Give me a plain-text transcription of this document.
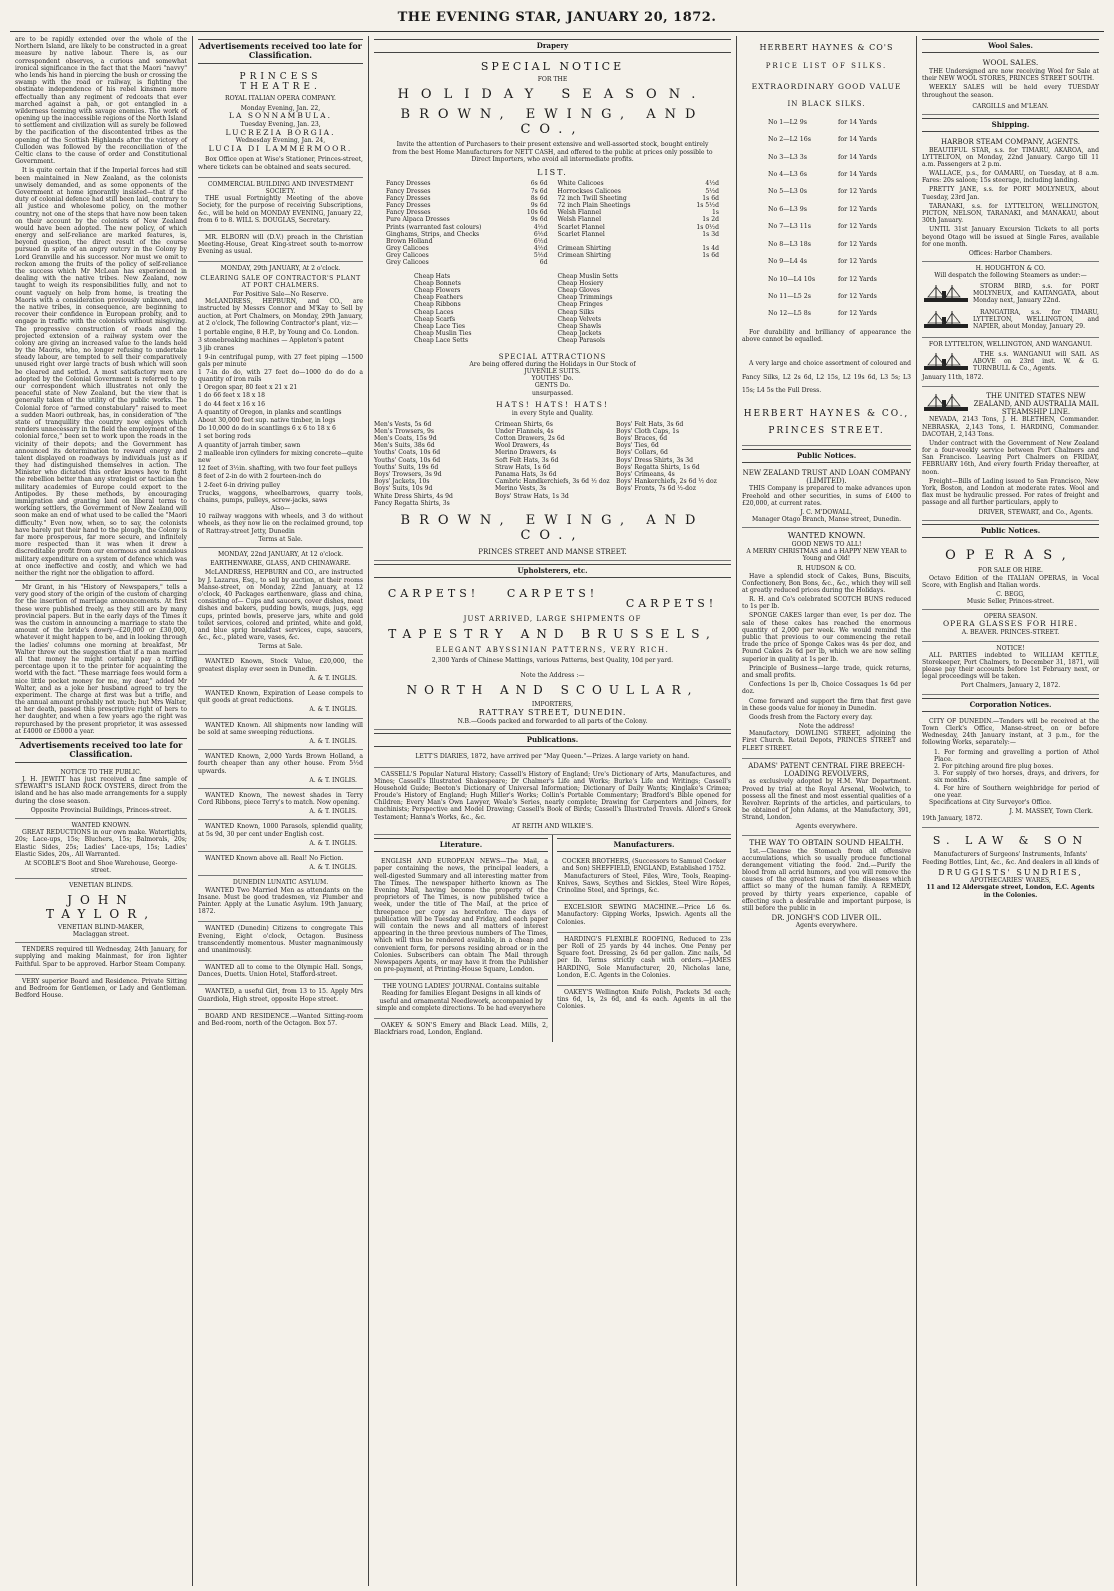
THE EVENING STAR, JANUARY 20, 1872.

are to be rapidly extended over the whole of the Northern Island, are likely to be constructed in a great measure by native labour. There is, as our correspondent observes, a curious and somewhat ironical significance in the fact that the Maori "navvy" who lends his hand in piercing the bush or crossing the swamp with the road or railway, is fighting the obstinate independence of his rebel kinsmen more effectually than any regiment of redcoats that ever marched against a pah, or got entangled in a wilderness teeming with savage enemies. The work of opening up the inaccessible regions of the North Island to settlement and civilization will as surely be followed by the pacification of the discontented tribes as the opening of the Scottish Highlands after the victory of Culloden was followed by the reconciliation of the Celtic clans to the cause of order and Constitutional Government.

It is quite certain that if the Imperial forces had still been maintained in New Zealand, as the colonists unwisely demanded, and as some opponents of the Government at home ignorantly insisted—that if the duty of colonial defence had still been laid, contrary to all justice and wholesome policy, on the mother country, not one of the steps that have now been taken on their account by the colonists of New Zealand would have been adopted. The new policy, of which energy and self-reliance are marked features, is, beyond question, the direct result of the course pursued in spite of an angry outcry in the Colony by Lord Granville and his successor. Nor must we omit to reckon among the fruits of the policy of self-reliance the success which Mr McLean has experienced in dealing with the native tribes. New Zealand, now taught to weigh its responsibilities fully, and not to count vaguely on help from home, is treating the Maoris with a consideration previously unknown, and the native tribes, in consequence, are beginning to recover their confidence in European probity, and to engage in traffic with the colonists without misgiving. The progressive construction of roads and the projected extension of a railway system over the colony are giving an increased value to the lands held by the Maoris, who, no longer refusing to undertake steady labour, are tempted to sell their comparatively unused right over large tracts of bush which will soon be cleared and settled. A most satisfactory men are adopted by the Colonial Government is referred to by our correspondent which illustrates not only the peaceful state of New Zealand, but the view that is generally taken of the utility of the public works. The Colonial force of "armed constabulary" raised to meet a sudden Maori outbreak, has, in consideration of "the state of tranquillity the country now enjoys which renders unnecessary in the field the employment of the colonial force," been set to work upon the roads in the vicinity of their depots; and the Government has announced its determination to reward energy and talent displayed on roadways by individuals just as if they had distinguished themselves in action. The Minister who dictated this order knows how to fight the rebellion better than any strategist or tactician the military academies of Europe could export to the Antipodes. By these methods, by encouraging immigration and granting land on liberal terms to working settlers, the Government of New Zealand will soon make an end of what used to be called the "Maori difficulty." Even now, when, so to say, the colonists have barely put their hand to the plough, the Colony is far more prosperous, far more secure, and infinitely more respected than it was when it drew a discreditable profit from our enormous and scandalous military expenditure on a system of defence which was at once ineffective and costly, and which we had neither the right nor the obligation to afford.

Mr Grant, in his "History of Newspapers," tells a very good story of the origin of the custom of charging for the insertion of marriage announcements. At first these were published freely, as they still are by many provincial papers. But in the early days of the Times it was the custom in announcing a marriage to state the amount of the bride's dowry—£20,000 or £30,000, whatever it might happen to be, and in looking through the ladies' columns one morning at breakfast, Mr Walter threw out the suggestion that if a man married all that money he might certainly pay a trifling percentage upon it to the printer for acquainting the world with the fact. "These marriage fees would form a nice little pocket money for me, my dear," added Mr Walter, and as a joke her husband agreed to try the experiment. The charge at first was but a trifle, and the annual amount probably not much; but Mrs Walter, at her death, passed this prescriptive right of hers to her daughter, and when a few years ago the right was repurchased by the present proprietor, it was assessed at £4000 or £5000 a year.

Advertisements received too late for Classification.
NOTICE TO THE PUBLIC.

J. H. JEWITT has just received a fine sample of STEWART'S ISLAND ROCK OYSTERS, direct from the island and he has also made arrangements for a supply during the close season.

Opposite Provincial Buildings, Princes-street.
WANTED KNOWN.

GREAT REDUCTIONS in our own make. Watertights, 20s; Lace-ups, 15s; Bluchers, 15s; Balmorals, 20s; Elastic Sides, 25s; Ladies' Lace-ups, 15s; Ladies' Elastic Sides, 20s,. All Warranted.

At SCOBLE'S Boot and Shoe Warehouse, George-street.
VENETIAN BLINDS.
JOHN TAYLOR,
VENETIAN BLIND-MAKER,
Maclaggan street.

TENDERS required till Wednesday, 24th January, for supplying and making Mainmast, for iron lighter Faithful. Spar to be approved. Harbor Steam Company.

VERY superior Board and Residence. Private Sitting and Bedroom for Gentlemen, or Lady and Gentleman. Bedford House.

Advertisements received too late for Classification.
PRINCESS THEATRE.
ROYAL ITALIAN OPERA COMPANY.
Monday Evening, Jan. 22,
LA SONNAMBULA.
Tuesday Evening, Jan. 23,
LUCREZIA BORGIA.
Wednesday Evening, Jan. 24,
LUCIA DI LAMMERMOOR.

Box Office open at Wise's Stationer, Princes-street, where tickets can be obtained and seats secured.

COMMERCIAL BUILDING AND INVESTMENT SOCIETY.

THE usual Fortnightly Meeting of the above Society, for the purpose of receiving Subscriptions, &c., will be held on MONDAY EVENING, January 22, from 6 to 8. WILL S. DOUGLAS, Secretary.

MR. ELBORN will (D.V.) preach in the Christian Meeting-House, Great King-street south to-morrow Evening as usual.

MONDAY, 29th JANUARY, At 2 o'clock.
CLEARING SALE OF CONTRACTOR'S PLANT AT PORT CHALMERS.
For Positive Sale—No Reserve.

McLANDRESS, HEPBURN, and CO., are instructed by Messrs Connor and M'Kay to Sell by auction, at Port Chalmers, on Monday, 29th January, at 2 o'clock, The following Contractor's plant, viz:—

1 portable engine, 8 H.P., by Young and Co. London.
3 stonebreaking machines — Appleton's patent
3 jib cranes
1 9-in centrifugal pump, with 27 feet piping —1500 gals per minute
1 7-in do do, with 27 feet do—1000 do do do a quantity of iron rails
1 Oregon spar, 80 feet x 21 x 21
1 do 66 feet x 18 x 18
1 do 44 feet x 16 x 16
A quantity of Oregon, in planks and scantlings
About 30,000 feet sup. native timber, in logs
Do 10,000 do do in scantlings 6 x 6 to 18 x 6
1 set boring rods
A quantity of jarrah timber, sawn
2 malleable iron cylinders for mixing concrete—quite new
12 feet of 3½in. shafting, with two four feet pulleys
8 feet of 2-in do with 2 fourteen-inch do
1 2-feet 6-in driving pulley
Trucks, waggons, wheelbarrows, quarry tools, chains, pumps, pulleys, screw-jacks, saws
Also—
10 railway waggons with wheels, and 3 do without wheels, as they now lie on the reclaimed ground, top of Rattray-street Jetty, Dunedin
Terms at Sale.
MONDAY, 22nd JANUARY, At 12 o'clock.
EARTHENWARE, GLASS, AND CHINAWARE.

McLANDRESS, HEPBURN and CO., are instructed by J. Lazarus, Esq., to sell by auction, at their rooms Manse-street, on Monday, 22nd January, at 12 o'clock, 40 Packages earthenware, glass and china, consisting of— Cups and saucers, cover dishes, meat dishes and bakers, pudding bowls, mugs, jugs, egg cups, printed bowls, preserve jars, white and gold toilet services, colored and printed, white and gold, and blue sprig breakfast services, cups, saucers, &c., &c., plated ware, vases, &c.

Terms at Sale.

WANTED Known, Stock Value, £20,000, the greatest display ever seen in Dunedin.

A. & T. INGLIS.

WANTED Known, Expiration of Lease compels to quit goods at great reductions.

A. & T. INGLIS.

WANTED Known. All shipments now landing will be sold at same sweeping reductions.

A. & T. INGLIS.

WANTED Known, 2,000 Yards Brown Holland, a fourth cheaper than any other house. From 5½d upwards.

A. & T. INGLIS.

WANTED Known, The newest shades in Terry Cord Ribbons, piece Terry's to match. Now opening.

A. & T. INGLIS.

WANTED Known, 1000 Parasols, splendid quality, at 5s 9d, 30 per cent under English cost.

A. & T. INGLIS.

WANTED Known above all. Real! No Fiction.

A. & T. INGLIS.
DUNEDIN LUNATIC ASYLUM.

WANTED Two Married Men as attendants on the Insane. Must be good tradesmen, viz Plumber and Painter. Apply at the Lunatic Asylum. 19th January, 1872.

WANTED (Dunedin) Citizens to congregate This Evening, Eight o'clock, Octagon. Business transcendently momentous. Muster magnanimously and unanimously.

WANTED all to come to the Olympic Hall. Songs, Dances, Duetts. Union Hotel, Stafford-street.

WANTED, a useful Girl, from 13 to 15. Apply Mrs Guardiola, High street, opposite Hope street.

BOARD AND RESIDENCE.—Wanted Sitting-room and Bed-room, north of the Octagon. Box 57.

Drapery
SPECIAL NOTICE
FOR THE
HOLIDAY SEASON.
BROWN, EWING, AND CO.,

Invite the attention of Purchasers to their present extensive and well-assorted stock, bought entirely from the best Home Manufacturers for NETT CASH, and offered to the public at prices only possible to Direct Importers, who avoid all intermediate profits.

LIST.
Fancy Dresses	6s 6d
Fancy Dresses	7s 6d
Fancy Dresses	8s 6d
Fancy Dresses	9s 6d
Fancy Dresses	10s 6d
Pure Alpaca Dresses	9s 6d
Prints (warranted fast colours)	4½d
Ginghams, Strips, and Checks	6½d
Brown Holland	6½d
Grey Calicoes	4½d
Grey Calicoes	5½d
Grey Calicoes	6d
White Calicoes	4½d
Horrockses Calicoes	5½d
72 inch Twill Sheeting	1s 6d
72 inch Plain Sheetings	1s 5½d
Welsh Flannel	1s
Welsh Flannel	1s 2d
Scarlet Flannel	1s 0½d
Scarlet Flannel	1s 3d

Crimean Shirting	1s 4d
Crimean Shirting	1s 6d

Cheap Hats
Cheap Bonnets
Cheap Flowers
Cheap Feathers
Cheap Ribbons
Cheap Laces
Cheap Scarfs
Cheap Lace Ties
Cheap Muslin Ties
Cheap Lace Setts
Cheap Muslin Setts
Cheap Hosiery
Cheap Gloves
Cheap Trimmings
Cheap Fringes
Cheap Silks
Cheap Velvets
Cheap Shawls
Cheap Jackets
Cheap Parasols
SPECIAL ATTRACTIONS
Are being offered during the Holidays in Our Stock of
JUVENILE SUITS.
YOUTHS' Do.
GENTS Do.
unsurpassed.
HATS! HATS! HATS!
in every Style and Quality.
Men's Vests, 5s 6d
Men's Trowsers, 9s
Men's Coats, 15s 9d
Men's Suits, 38s 6d
Youths' Coats, 10s 6d
Youths' Coats, 10s 6d
Youths' Suits, 19s 6d
Boys' Trowsers, 3s 9d
Boys' Jackets, 10s
Boys' Suits, 10s 9d
White Dress Shirts, 4s 9d
Fancy Regatta Shirts, 3s
Crimean Shirts, 6s
Under Flannels, 4s
Cotton Drawers, 2s 6d
Wool Drawers, 4s
Merino Drawers, 4s
Soft Felt Hats, 3s 6d
Straw Hats, 1s 6d
Panama Hats, 3s 6d
Cambric Handkerchiefs, 3s 6d ½ doz
Merino Vests, 3s
Boys' Straw Hats, 1s 3d
Boys' Felt Hats, 3s 6d
Boys' Cloth Caps, 1s
Boys' Braces, 6d
Boys' Ties, 6d
Boys' Collars, 6d
Boys' Dress Shirts, 3s 3d
Boys' Regatta Shirts, 1s 6d
Boys' Crimeans, 4s
Boys' Hankerchiefs, 2s 6d ½ doz
Boys' Fronts, 7s 6d ½-doz
BROWN, EWING, AND CO.,
PRINCES STREET AND MANSE STREET.
Upholsterers, etc.
CARPETS!	CARPETS!
CARPETS!
JUST ARRIVED, LARGE SHIPMENTS OF
TAPESTRY AND BRUSSELS,
ELEGANT ABYSSINIAN PATTERNS, VERY RICH.
2,300 Yards of Chinese Mattings, various Patterns, best Quality, 10d per yard.
Note the Address :—
NORTH AND SCOULLAR,
IMPORTERS,
RATTRAY STREET, DUNEDIN.
N.B.—Goods packed and forwarded to all parts of the Colony.
Publications.

LETT'S DIARIES, 1872, have arrived per "May Queen."—Prizes. A large variety on hand.

CASSELL'S Popular Natural History; Cassell's History of England; Ure's Dictionary of Arts, Manufactures, and Mines; Cassell's Illustrated Shakespeare; Dr Chalmer's Life and Works; Burke's Life and Writings; Cassell's Household Guide; Beeton's Dictionary of Universal Information; Dictionary of Daily Wants; Kinglake's Crimea; Froude's History of England; Hugh Miller's Works; Collin's Portable Commentary; Bradford's Bible opened for Children; Every Man's Own Lawyer, Weale's Series, nearly complete; Drawing for Carpenters and Joiners, for machinists; Perspective and Model Drawing; Cassell's Book of Birds; Cassell's Illustrated Travels. Allord's Greek Testament; Hanna's Works, &c., &c.

AT REITH AND WILKIE'S.
Literature.

ENGLISH AND EUROPEAN NEWS—The Mail, a paper containing the news, the principal leaders, a well-digested Summary and all interesting matter from The Times. The newspaper hitherto known as The Evening Mail, having become the property of the proprietors of The Times, is now published twice a week, under the title of The Mail, at the price of threepence per copy as heretofore. The days of publication will be Tuesday and Friday, and each paper will contain the news and all matters of interest appearing in the three previous numbers of The Times, which will thus be rendered available, in a cheap and convenient form, for persons residing abroad or in the Colonies. Subscribers can obtain The Mail through Newspapers Agents, or may have it from the Publisher on pre-payment, at Printing-House Square, London.

THE YOUNG LADIES' JOURNAL Contains suitable Reading for families Elegant Designs in all kinds of useful and ornamental Needlework, accompanied by simple and complete directions. To be had everywhere

OAKEY & SON'S Emery and Black Lead. Mills, 2, Blackfriars road, London, England.

Manufacturers.
COCKER BROTHERS, (Successors to Samuel Cocker and Son) SHEFFIELD, ENGLAND, Established 1752.

Manufacturers of Steel, Files, Wire, Tools, Reaping-Knives, Saws, Scythes and Sickles, Steel Wire Ropes, Crinoline Steel, and Springs, &c.

EXCELSIOR SEWING MACHINE.—Price L6 6s. Manufactory: Gipping Works, Ipswich. Agents all the Colonies.

HARDING'S FLEXIBLE ROOFING, Reduced to 23s per Roll of 25 yards by 44 inches. One Penny per Square foot. Dressing, 2s 6d per gallon. Zinc nails, 5d per lb. Terms strictly cash with orders.—JAMES HARDING, Sole Manufacturer, 20, Nicholas lane, London, E.C. Agents in the Colonies.

OAKEY'S Wellington Knife Polish, Packets 3d each; tins 6d, 1s, 2s 6d, and 4s each. Agents in all the Colonies.

HERBERT HAYNES & CO'S
PRICE LIST OF SILKS.
EXTRAORDINARY GOOD VALUE
IN BLACK SILKS.
No 1—L2 9s	for 14 Yards
No 2—L2 16s	for 14 Yards
No 3—L3 3s	for 14 Yards
No 4—L3 6s	for 14 Yards
No 5—L3 0s	for 12 Yards
No 6—L3 9s	for 12 Yards
No 7—L3 11s	for 12 Yards
No 8—L3 18s	for 12 Yards
No 9—L4 4s	for 12 Yards
No 10—L4 10s	for 12 Yards
No 11—L5 2s	for 12 Yards
No 12—L5 8s	for 12 Yards

For durability and brilliancy of appearance the above cannot be equalled.

A very large and choice assortment of coloured and Fancy Silks, L2 2s 6d, L2 15s, L2 19s 6d, L3 5s; L3 15s; L4 5s the Full Dress.

HERBERT HAYNES & CO.,
PRINCES STREET.
Public Notices.
NEW ZEALAND TRUST AND LOAN COMPANY (LIMITED).

THIS Company is prepared to make advances upon Freehold and other securities, in sums of £400 to £20,000, at current rates.

J. C. M'DOWALL,
Manager Otago Branch, Manse street, Dunedin.
WANTED KNOWN.
GOOD NEWS TO ALL!
A MERRY CHRISTMAS and a HAPPY NEW YEAR to Young and Old!
R. HUDSON & CO.

Have a splendid stock of Cakes, Buns, Biscuits, Confectionery, Bon Bons, &c., &c., which they will sell at greatly reduced prices during the Holidays.

R. H. and Co's celebrated SCOTCH BUNS reduced to 1s per lb.

SPONGE CAKES larger than ever, 1s per doz. The sale of these cakes has reached the enormous quantity of 2,000 per week. We would remind the public that previous to our commencing the retail trade the price of Sponge Cakes was 4s per doz, and Pound Cakes 2s 6d per lb, which we are now selling superior in quality at 1s per lb.

Principle of Business—large trade, quick returns, and small profits.

Confections 1s per lb, Choice Cossaques 1s 6d per doz.

Come forward and support the firm that first gave in these goods value for money in Dunedin.

Goods fresh from the Factory every day.

Note the address!

Manufactory, DOWLING STREET, adjoining the First Church. Retail Depots, PRINCES STREET and FLEET STREET.

ADAMS' PATENT CENTRAL FIRE BREECH-LOADING REVOLVERS,

as exclusively adopted by H.M. War Department. Proved by trial at the Royal Arsenal, Woolwich, to possess all the finest and most essential qualities of a Revolver. Reprints of the articles, and particulars, to be obtained of John Adams, at the Manufactory, 391, Strand, London.

Agents everywhere.
THE WAY TO OBTAIN SOUND HEALTH.

1st.—Cleanse the Stomach from all offensive accumulations, which so usually produce functional derangement vitiating the food. 2nd.—Purify the blood from all acrid humors, and you will remove the causes of the greatest mass of the diseases which afflict so many of the human family. A REMEDY, proved by thirty years experience, capable of effecting such a desirable and important purpose, is still before the public in

DR. JONGH'S COD LIVER OIL.
Agents everywhere.
Wool Sales.
WOOL SALES.

THE Undersigned are now receiving Wool for Sale at their NEW WOOL STORES, PRINCES STREET SOUTH.

WEEKLY SALES will be held every TUESDAY throughout the season.

CARGILLS and M'LEAN.
Shipping.
HARBOR STEAM COMPANY, AGENTS.

BEAUTIFUL STAR, s.s. for TIMARU, AKAROA, and LYTTELTON, on Monday, 22nd January. Cargo till 11 a.m. Passengers at 2 p.m.

WALLACE, p.s., for OAMARU, on Tuesday, at 8 a.m. Fares: 20s saloon; 15s steerage, including landing.

PRETTY JANE, s.s. for PORT MOLYNEUX, about Tuesday, 23rd Jan.

TARANAKI, s.s. for LYTTELTON, WELLINGTON, PICTON, NELSON, TARANAKI, and MANAKAU, about 30th January.

UNTIL 31st January Excursion Tickets to all ports beyond Otago will be issued at Single Fares, available for one month.

Offices: Harbor Chambers.
H. HOUGHTON & CO.
Will despatch the following Steamers as under:—

STORM BIRD, s.s. for PORT MOLYNEUX, and KAITANGATA, about Monday next, January 22nd.

RANGATIRA, s.s. for TIMARU, LYTTELTON, WELLINGTON, and NAPIER, about Monday, January 29.

FOR LYTTELTON, WELLINGTON, AND WANGANUI.

THE s.s. WANGANUI will SAIL AS ABOVE on 23rd inst. W. & G. TURNBULL & Co., Agents.

January 11th, 1872.
THE UNITED STATES NEW ZEALAND, AND AUSTRALIA MAIL STEAMSHIP LINE.

NEVADA, 2143 Tons, J. H. BLETHEN, Commander. NEBRASKA, 2,143 Tons, I. HARDING, Commander. DACOTAH, 2,143 Tons.

Under contract with the Government of New Zealand for a four-weekly service between Port Chalmers and San Francisco. Leaving Port Chalmers on FRIDAY, FEBRUARY 16th, And every fourth Friday thereafter, at noon.

Freight—Bills of Lading issued to San Francisco, New York, Boston, and London at moderate rates. Wool and flax must be hydraulic pressed. For rates of freight and passage and all further particulars, apply to

DRIVER, STEWART, and Co., Agents.
Public Notices.
OPERAS,
FOR SALE OR HIRE.

Octavo Edition of the ITALIAN OPERAS, in Vocal Score, with English and Italian words.

C. BEGG,
Music Seller, Princes-street.
OPERA SEASON.
OPERA GLASSES FOR HIRE.
A. BEAVER. PRINCES-STREET.
NOTICE!

ALL PARTIES indebted to WILLIAM KETTLE, Storekeeper, Port Chalmers, to December 31, 1871, will please pay their accounts before 1st February next, or legal proceedings will be taken.

Port Chalmers, January 2, 1872.
Corporation Notices.

CITY OF DUNEDIN.—Tenders will be received at the Town Clerk's Office, Manse-street, on or before Wednesday, 24th January instant, at 3 p.m., for the following Works, separately:—

1. For forming and gravelling a portion of Athol Place.
2. For pitching around fire plug boxes.
3. For supply of two horses, drays, and drivers, for six months.
4. For hire of Southern weighbridge for period of one year.

Specifications at City Surveyor's Office.

J. M. MASSEY, Town Clerk.
19th January, 1872.
S. LAW & SON
Manufacturers of Surgeons' Instruments, Infants' Feeding Bottles, Lint, &c., &c. And dealers in all kinds of
DRUGGISTS' SUNDRIES,
APOTHECARIES' WARES,
11 and 12 Aldersgate street, London, E.C. Agents in the Colonies.
